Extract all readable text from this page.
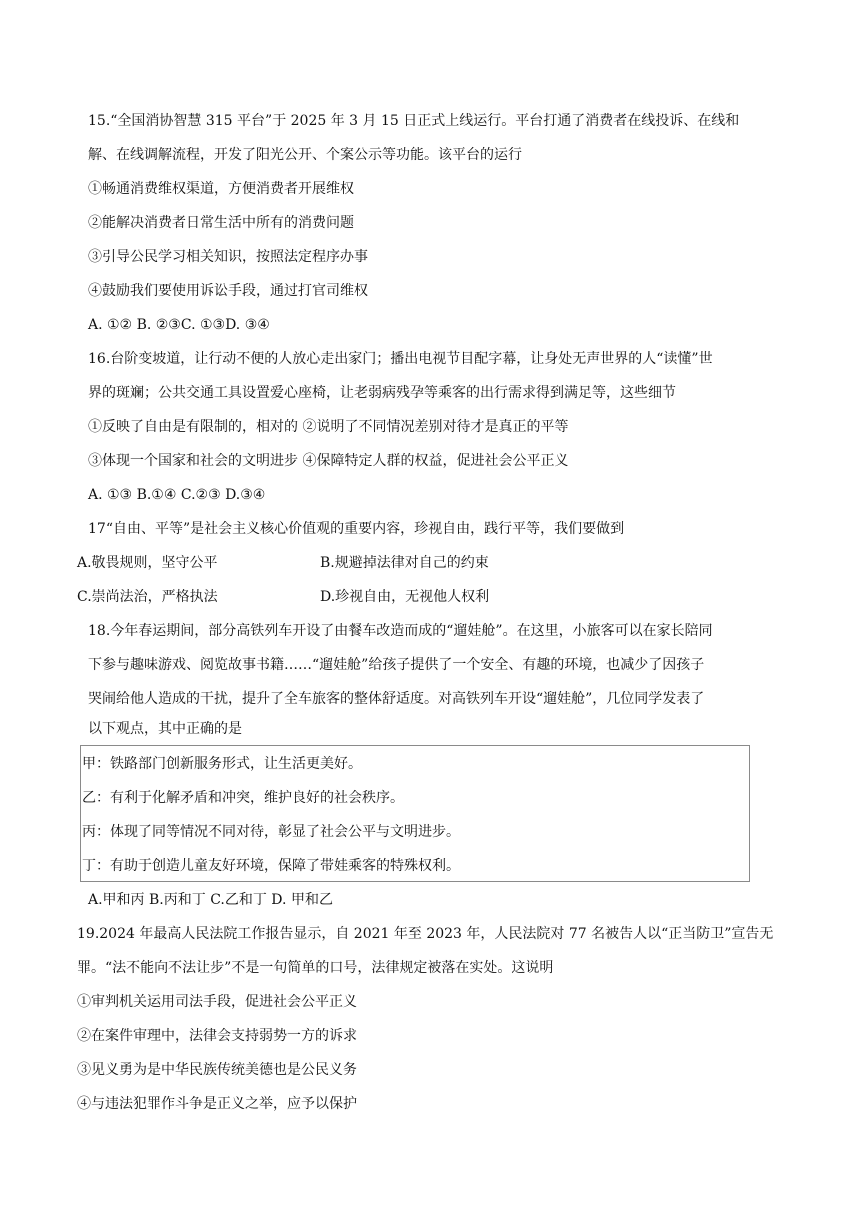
15.“全国消协智慧 315 平台”于 2025 年 3 月 15 日正式上线运行。平台打通了消费者在线投诉、在线和
解、在线调解流程，开发了阳光公开、个案公示等功能。该平台的运行
①畅通消费维权渠道，方便消费者开展维权
②能解决消费者日常生活中所有的消费问题
③引导公民学习相关知识，按照法定程序办事
④鼓励我们要使用诉讼手段，通过打官司维权
A. ①② B. ②③C. ①③D. ③④
16.台阶变坡道，让行动不便的人放心走出家门；播出电视节目配字幕，让身处无声世界的人“读懂”世
界的斑斓；公共交通工具设置爱心座椅，让老弱病残孕等乘客的出行需求得到满足等，这些细节
①反映了自由是有限制的，相对的 ②说明了不同情况差别对待才是真正的平等
③体现一个国家和社会的文明进步 ④保障特定人群的权益，促进社会公平正义
A. ①③ B.①④ C.②③ D.③④
17“自由、平等”是社会主义核心价值观的重要内容，珍视自由，践行平等，我们要做到
A.敬畏规则，坚守公平	B.规避掉法律对自己的约束
C.崇尚法治，严格执法	D.珍视自由，无视他人权利
18.今年春运期间，部分高铁列车开设了由餐车改造而成的“遛娃舱”。在这里，小旅客可以在家长陪同
下参与趣味游戏、阅览故事书籍……“遛娃舱”给孩子提供了一个安全、有趣的环境，也减少了因孩子
哭闹给他人造成的干扰，提升了全车旅客的整体舒适度。对高铁列车开设“遛娃舱”，几位同学发表了
以下观点，其中正确的是
甲：铁路部门创新服务形式，让生活更美好。
乙：有利于化解矛盾和冲突，维护良好的社会秩序。
丙：体现了同等情况不同对待，彰显了社会公平与文明进步。
丁：有助于创造儿童友好环境，保障了带娃乘客的特殊权利。
A.甲和丙 B.丙和丁 C.乙和丁 D. 甲和乙
19.2024 年最高人民法院工作报告显示，自 2021 年至 2023 年，人民法院对 77 名被告人以“正当防卫”宣告无
罪。“法不能向不法让步”不是一句简单的口号，法律规定被落在实处。这说明
①审判机关运用司法手段，促进社会公平正义
②在案件审理中，法律会支持弱势一方的诉求
③见义勇为是中华民族传统美德也是公民义务
④与违法犯罪作斗争是正义之举，应予以保护
